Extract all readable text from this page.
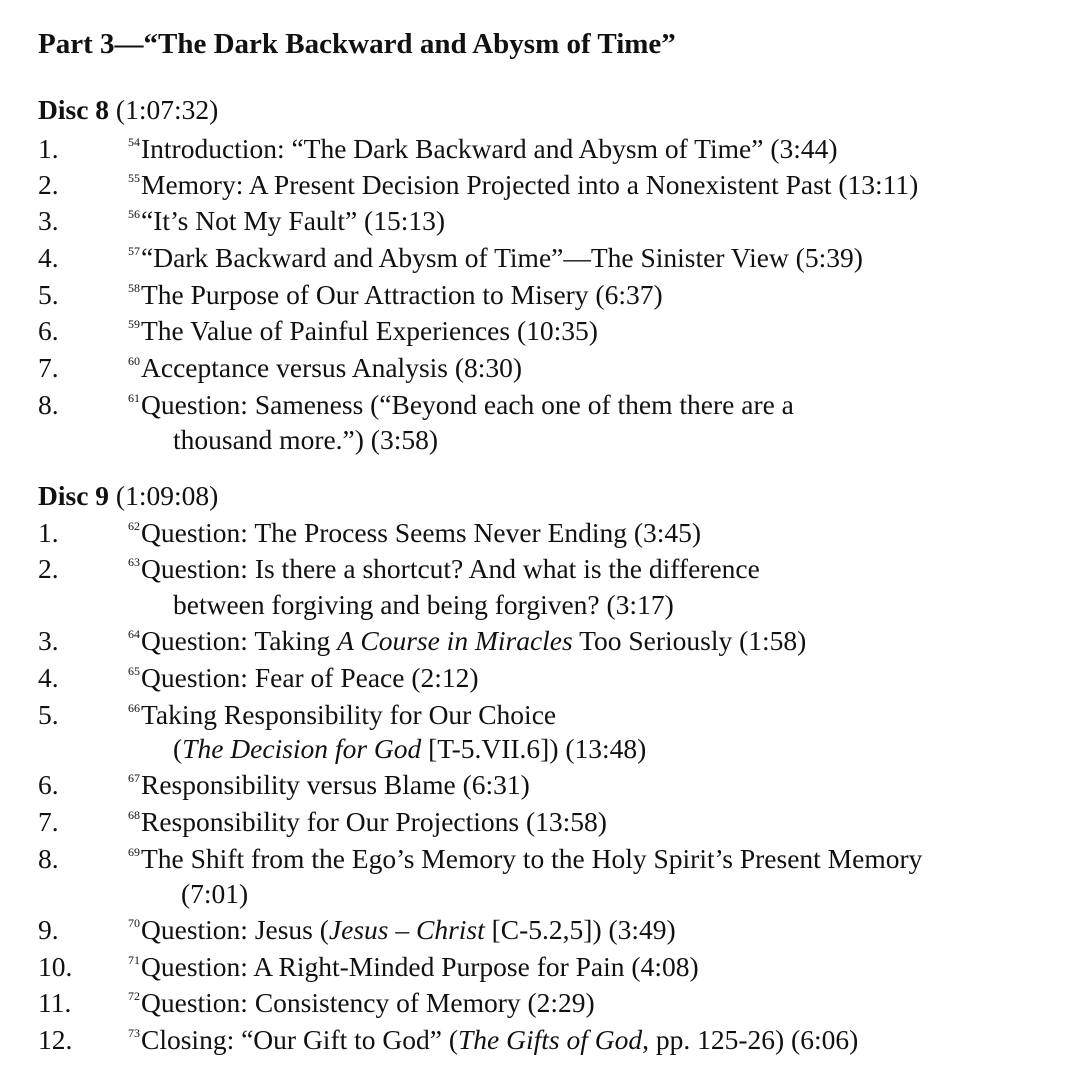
Part 3—“The Dark Backward and Abysm of Time”
Disc 8 (1:07:32)
1.	$^{54}$Introduction: “The Dark Backward and Abysm of Time” (3:44)
2.	$^{55}$Memory: A Present Decision Projected into a Nonexistent Past (13:11)
3.	$^{56}$“It’s Not My Fault” (15:13)
4.	$^{57}$“Dark Backward and Abysm of Time”—The Sinister View (5:39)
5.	$^{58}$The Purpose of Our Attraction to Misery (6:37)
6.	$^{59}$The Value of Painful Experiences (10:35)
7.	$^{60}$Acceptance versus Analysis (8:30)
8.	$^{61}$Question: Sameness (“Beyond each one of them there are a
thousand more.”) (3:58)
Disc 9 (1:09:08)
1.	$^{62}$Question: The Process Seems Never Ending (3:45)
2.	$^{63}$Question: Is there a shortcut? And what is the difference
between forgiving and being forgiven? (3:17)
3.	$^{64}$Question: Taking A Course in Miracles Too Seriously (1:58)
4.	$^{65}$Question: Fear of Peace (2:12)
5.	$^{66}$Taking Responsibility for Our Choice
(The Decision for God [T-5.VII.6]) (13:48)
6.	$^{67}$Responsibility versus Blame (6:31)
7.	$^{68}$Responsibility for Our Projections (13:58)
8.	$^{69}$The Shift from the Ego’s Memory to the Holy Spirit’s Present Memory
(7:01)
9.	$^{70}$Question: Jesus (Jesus – Christ [C-5.2,5]) (3:49)
10.	$^{71}$Question: A Right-Minded Purpose for Pain (4:08)
11.	$^{72}$Question: Consistency of Memory (2:29)
12.	$^{73}$Closing: “Our Gift to God” (The Gifts of God, pp. 125-26) (6:06)
